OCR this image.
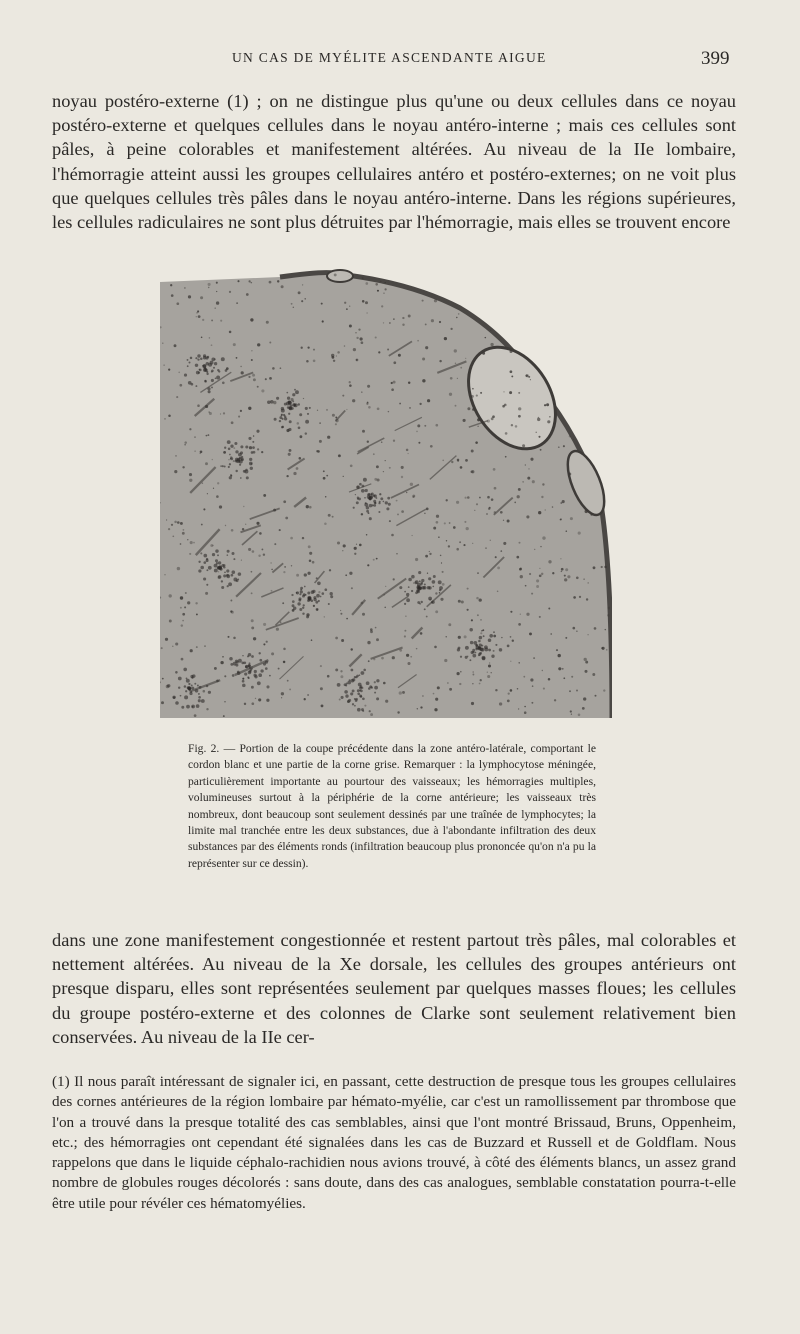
UN CAS DE MYÉLITE ASCENDANTE AIGUE	399

noyau postéro-externe (1) ; on ne distingue plus qu'une ou deux cellules dans ce noyau postéro-externe et quelques cellules dans le noyau antéro-interne ; mais ces cellules sont pâles, à peine colorables et manifestement altérées. Au niveau de la IIe lombaire, l'hémorragie atteint aussi les groupes cellulaires antéro et postéro-externes; on ne voit plus que quelques cellules très pâles dans le noyau antéro-interne. Dans les régions supérieures, les cellules radiculaires ne sont plus détruites par l'hémorragie, mais elles se trouvent encore

Fig. 2. — Portion de la coupe précédente dans la zone antéro-latérale, comportant le cordon blanc et une partie de la corne grise. Remarquer : la lymphocytose méningée, particulièrement importante au pourtour des vaisseaux; les hémorragies multiples, volumineuses surtout à la périphérie de la corne antérieure; les vaisseaux très nombreux, dont beaucoup sont seulement dessinés par une traînée de lymphocytes; la limite mal tranchée entre les deux substances, due à l'abondante infiltration des deux substances par des éléments ronds (infiltration beaucoup plus prononcée qu'on n'a pu la représenter sur ce dessin).

dans une zone manifestement congestionnée et restent partout très pâles, mal colorables et nettement altérées. Au niveau de la Xe dorsale, les cellules des groupes antérieurs ont presque disparu, elles sont représentées seulement par quelques masses floues; les cellules du groupe postéro-externe et des colonnes de Clarke sont seulement relativement bien conservées. Au niveau de la IIe cer-

(1) Il nous paraît intéressant de signaler ici, en passant, cette destruction de presque tous les groupes cellulaires des cornes antérieures de la région lombaire par hémato-myélie, car c'est un ramollissement par thrombose que l'on a trouvé dans la presque totalité des cas semblables, ainsi que l'ont montré Brissaud, Bruns, Oppenheim, etc.; des hémorragies ont cependant été signalées dans les cas de Buzzard et Russell et de Goldflam. Nous rappelons que dans le liquide céphalo-rachidien nous avions trouvé, à côté des éléments blancs, un assez grand nombre de globules rouges décolorés : sans doute, dans des cas analogues, semblable constatation pourra-t-elle être utile pour révéler ces hématomyélies.
